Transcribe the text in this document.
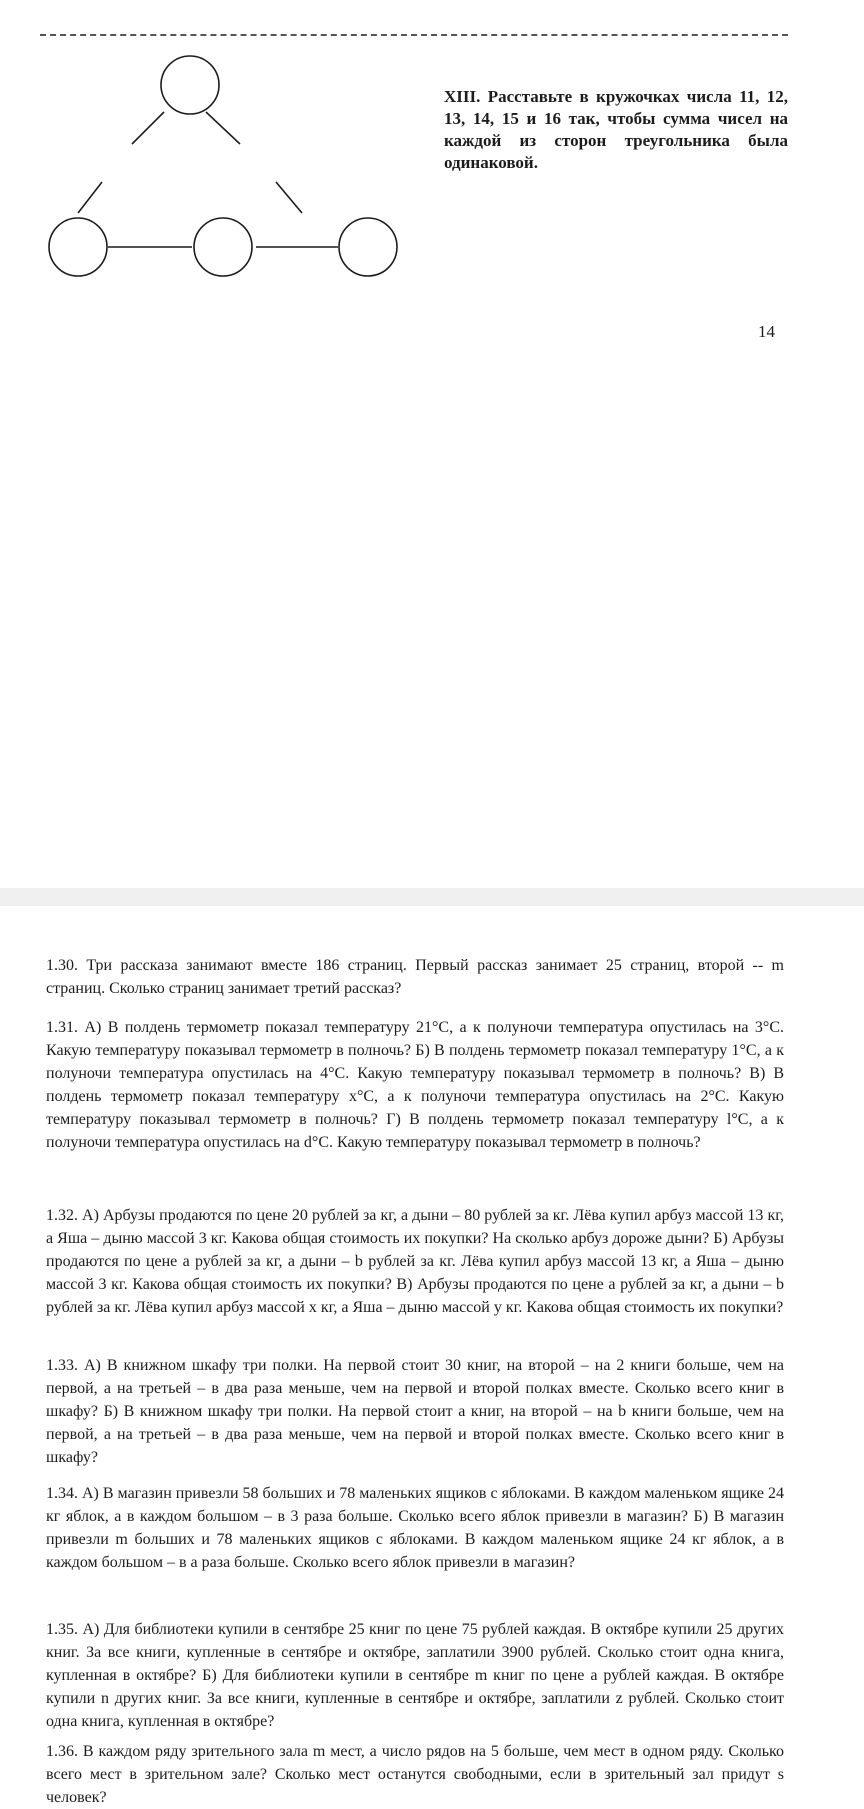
XIII. Расставьте в кружочках числа 11, 12, 13, 14, 15 и 16 так, чтобы сумма чисел на каждой из сторон треугольника была одинаковой.
14

1.30. Три рассказа занимают вместе 186 страниц. Первый рассказ занимает 25 страниц, второй -- m страниц. Сколько страниц занимает третий рассказ?

1.31. А) В полдень термометр показал температуру 21°C, а к полуночи температура опустилась на 3°C. Какую температуру показывал термометр в полночь? Б) В полдень термометр показал температуру 1°C, а к полуночи температура опустилась на 4°C. Какую температуру показывал термометр в полночь? В) В полдень термометр показал температуру x°C, а к полуночи температура опустилась на 2°C. Какую температуру показывал термометр в полночь? Г) В полдень термометр показал температуру l°C, а к полуночи температура опустилась на d°C. Какую температуру показывал термометр в полночь?

1.32. А) Арбузы продаются по цене 20 рублей за кг, а дыни – 80 рублей за кг. Лёва купил арбуз массой 13 кг, а Яша – дыню массой 3 кг. Какова общая стоимость их покупки? На сколько арбуз дороже дыни? Б) Арбузы продаются по цене a рублей за кг, а дыни – b рублей за кг. Лёва купил арбуз массой 13 кг, а Яша – дыню массой 3 кг. Какова общая стоимость их покупки? В) Арбузы продаются по цене a рублей за кг, а дыни – b рублей за кг. Лёва купил арбуз массой x кг, а Яша – дыню массой y кг. Какова общая стоимость их покупки?

1.33. А) В книжном шкафу три полки. На первой стоит 30 книг, на второй – на 2 книги больше, чем на первой, а на третьей – в два раза меньше, чем на первой и второй полках вместе. Сколько всего книг в шкафу? Б) В книжном шкафу три полки. На первой стоит a книг, на второй – на b книги больше, чем на первой, а на третьей – в два раза меньше, чем на первой и второй полках вместе. Сколько всего книг в шкафу?

1.34. А) В магазин привезли 58 больших и 78 маленьких ящиков с яблоками. В каждом маленьком ящике 24 кг яблок, а в каждом большом – в 3 раза больше. Сколько всего яблок привезли в магазин? Б) В магазин привезли m больших и 78 маленьких ящиков с яблоками. В каждом маленьком ящике 24 кг яблок, а в каждом большом – в a раза больше. Сколько всего яблок привезли в магазин?

1.35. А) Для библиотеки купили в сентябре 25 книг по цене 75 рублей каждая. В октябре купили 25 других книг. За все книги, купленные в сентябре и октябре, заплатили 3900 рублей. Сколько стоит одна книга, купленная в октябре? Б) Для библиотеки купили в сентябре m книг по цене a рублей каждая. В октябре купили n других книг. За все книги, купленные в сентябре и октябре, заплатили z рублей. Сколько стоит одна книга, купленная в октябре?

1.36. В каждом ряду зрительного зала m мест, а число рядов на 5 больше, чем мест в одном ряду. Сколько всего мест в зрительном зале? Сколько мест останутся свободными, если в зрительный зал придут s человек?
